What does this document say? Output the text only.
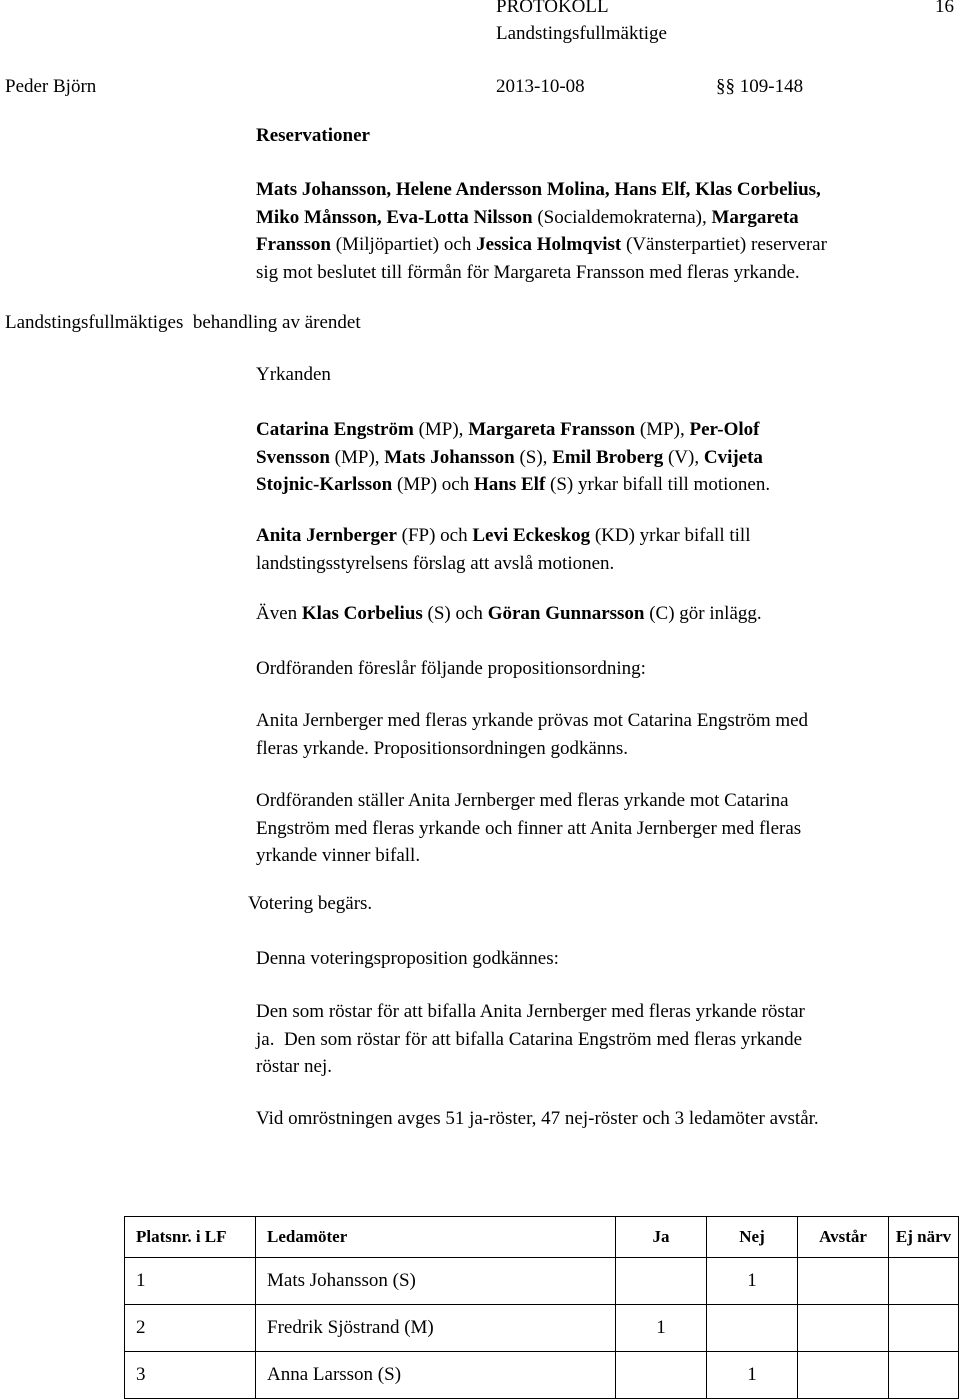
PROTOKOLL	16
Landstingsfullmäktige
Peder Björn	2013-10-08	§§ 109-148
Reservationer
Mats Johansson, Helene Andersson Molina, Hans Elf, Klas Corbelius,
Miko Månsson, Eva-Lotta Nilsson (Socialdemokraterna), Margareta
Fransson (Miljöpartiet) och Jessica Holmqvist (Vänsterpartiet) reserverar
sig mot beslutet till förmån för Margareta Fransson med fleras yrkande.
Landstingsfullmäktiges  behandling av ärendet
Yrkanden
Catarina Engström (MP), Margareta Fransson (MP), Per-Olof
Svensson (MP), Mats Johansson (S), Emil Broberg (V), Cvijeta
Stojnic-Karlsson (MP) och Hans Elf (S) yrkar bifall till motionen.
Anita Jernberger (FP) och Levi Eckeskog (KD) yrkar bifall till
landstingsstyrelsens förslag att avslå motionen.
Även Klas Corbelius (S) och Göran Gunnarsson (C) gör inlägg.
Ordföranden föreslår följande propositionsordning:
Anita Jernberger med fleras yrkande prövas mot Catarina Engström med
fleras yrkande. Propositionsordningen godkänns.
Ordföranden ställer Anita Jernberger med fleras yrkande mot Catarina
Engström med fleras yrkande och finner att Anita Jernberger med fleras
yrkande vinner bifall.
Votering begärs.
Denna voteringsproposition godkännes:
Den som röstar för att bifalla Anita Jernberger med fleras yrkande röstar
ja.  Den som röstar för att bifalla Catarina Engström med fleras yrkande
röstar nej.
Vid omröstningen avges 51 ja-röster, 47 nej-röster och 3 ledamöter avstår.
Platsnr. i LF	Ledamöter	Ja	Nej	Avstår	Ej närv
1	Mats Johansson (S)		1		
2	Fredrik Sjöstrand (M)	1			
3	Anna Larsson (S)		1		
